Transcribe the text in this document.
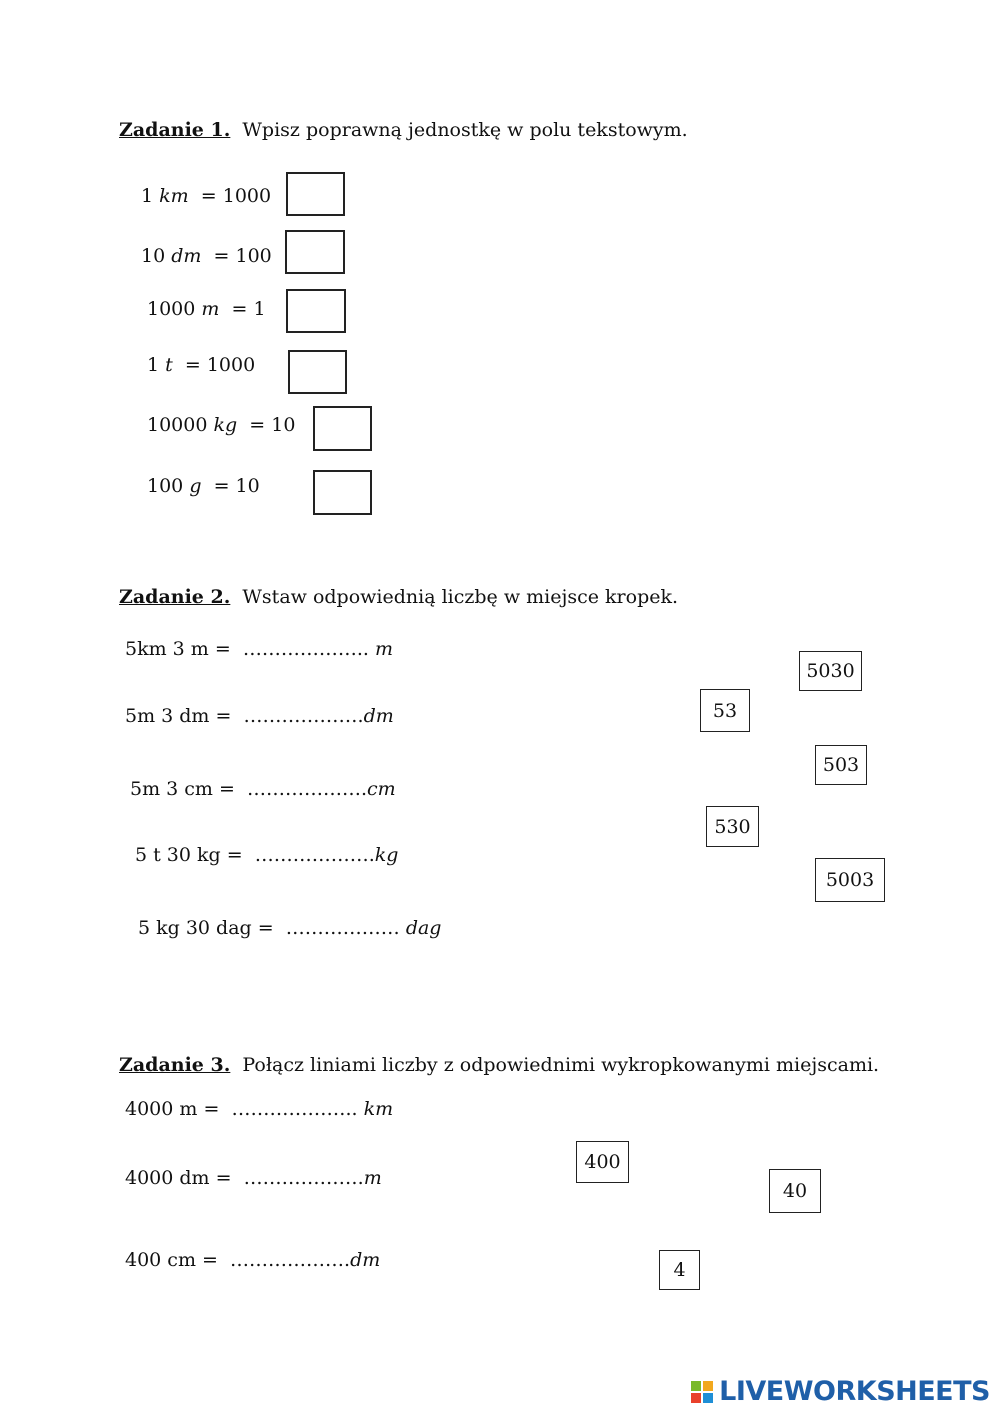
Zadanie 1. Wpisz poprawną jednostkę w polu tekstowym.
1 km = 1000
10 dm = 100
1000 m = 1
1 t = 1000
10000 kg = 10
100 g = 10
Zadanie 2. Wstaw odpowiednią liczbę w miejsce kropek.
5km 3 m = ……………….. m
5m 3 dm = ……………….dm
5m 3 cm = ……………….cm
5 t 30 kg = ……………….kg
5 kg 30 dag = ……………… dag
5030
53
503
530
5003
Zadanie 3. Połącz liniami liczby z odpowiednimi wykropkowanymi miejscami.
4000 m = ……………….. km
4000 dm = ……………….m
400 cm = ……………….dm
400
40
4
LIVEWORKSHEETS
